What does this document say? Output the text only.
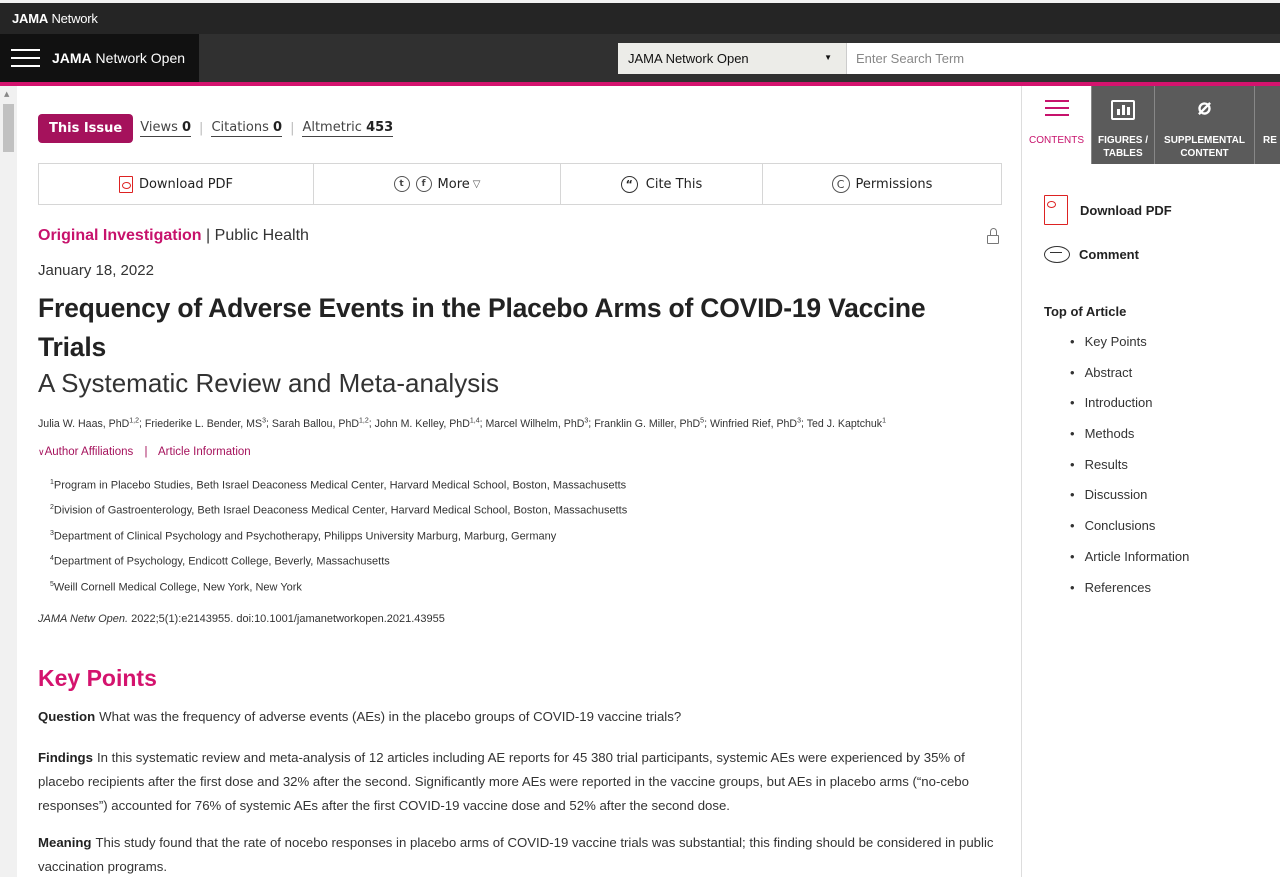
JAMA Network
JAMA Network Open	JAMA Network Open	▼
Enter Search Term
▲
This Issue	Views 0 | Citations 0 | Altmetric 453
Download PDF	t	f More ▽	“ Cite This	C Permissions
Original Investigation | Public Health
January 18, 2022
Frequency of Adverse Events in the Placebo Arms of COVID-19 Vaccine Trials
A Systematic Review and Meta-analysis
Julia W. Haas, PhD$^{1,2}$; Friederike L. Bender, $MS^3$; Sarah Ballou, PhD$^{1,2}$; John M. Kelley, PhD$^{1,4}$; Marcel Wilhelm, PhD$^3$; Franklin G. Miller, PhD$^5$; Winfried Rief, PhD$^3$; Ted J. Kaptchuk$^1$
∨Author Affiliations | Article Information
$^1$Program in Placebo Studies, Beth Israel Deaconess Medical Center, Harvard Medical School, Boston, Massachusetts
$^2$Division of Gastroenterology, Beth Israel Deaconess Medical Center, Harvard Medical School, Boston, Massachusetts
$^3$Department of Clinical Psychology and Psychotherapy, Philipps University Marburg, Marburg, Germany
$^4$Department of Psychology, Endicott College, Beverly, Massachusetts
$^5$Weill Cornell Medical College, New York, New York
JAMA Netw Open. 2022;5(1):e2143955. doi:10.1001/jamanetworkopen.2021.43955
Key Points

Question What was the frequency of adverse events (AEs) in the placebo groups of COVID-19 vaccine trials?

Findings In this systematic review and meta-analysis of 12 articles including AE reports for 45 380 trial participants, systemic AEs were experienced by 35% of placebo recipients after the first dose and 32% after the second. Significantly more AEs were reported in the vaccine groups, but AEs in placebo arms (“no-cebo responses”) accounted for 76% of systemic AEs after the first COVID-19 vaccine dose and 52% after the second dose.

Meaning This study found that the rate of nocebo responses in placebo arms of COVID-19 vaccine trials was substantial; this finding should be considered in public vaccination programs.

CONTENTS	FIGURES /
TABLES
⌀
SUPPLEMENTAL
CONTENT
RE
Download PDF
Comment
Top of Article
• Key Points
• Abstract
• Introduction
• Methods
• Results
• Discussion
• Conclusions
• Article Information
• References
